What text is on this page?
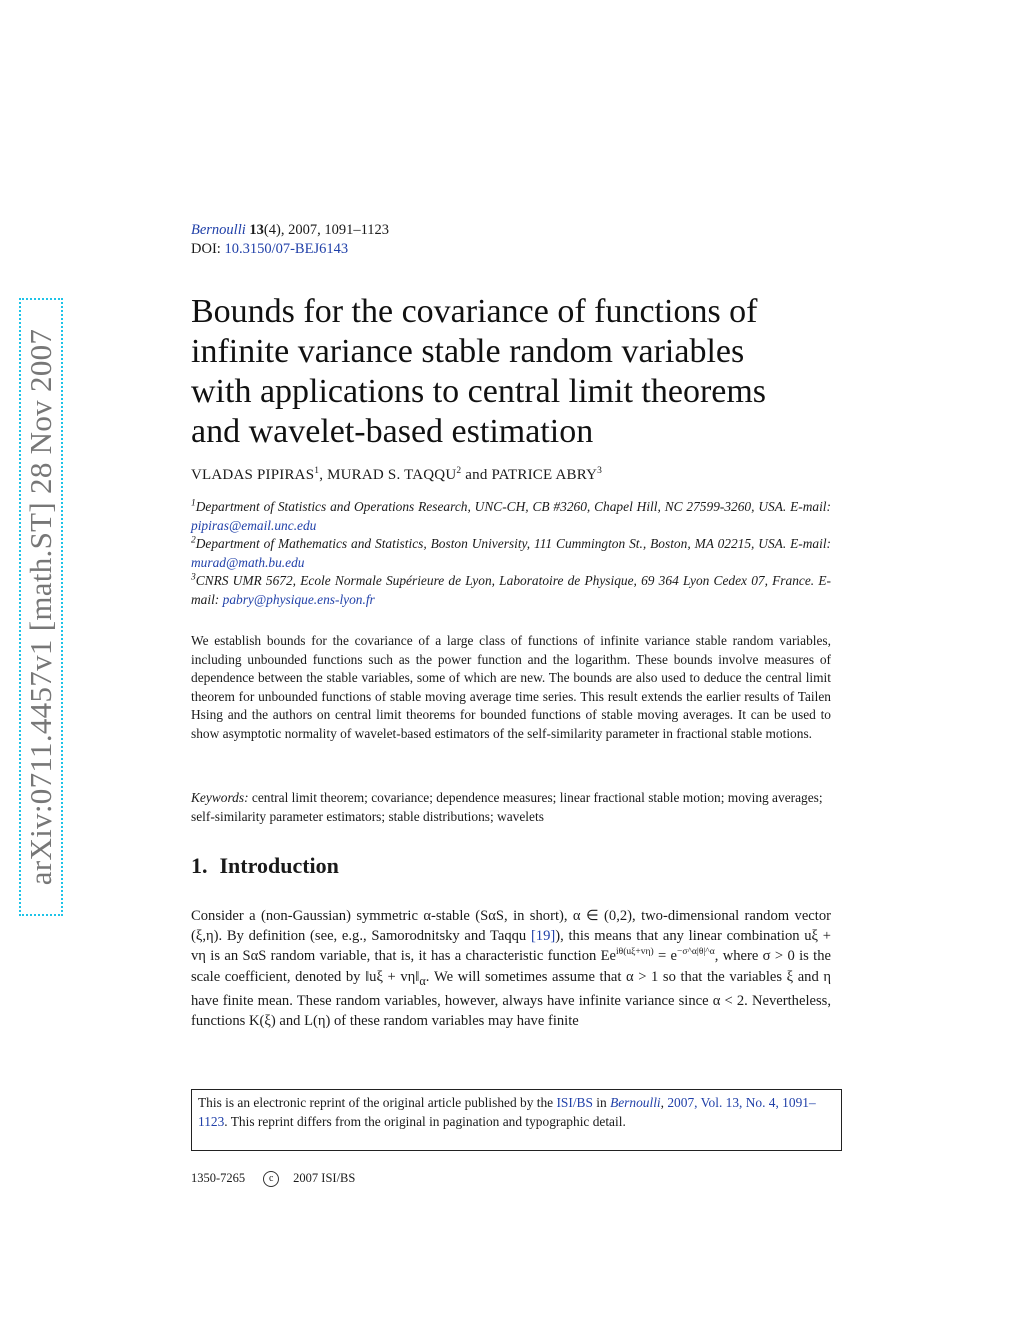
arXiv:0711.4457v1 [math.ST] 28 Nov 2007
Bernoulli 13(4), 2007, 1091–1123
DOI: 10.3150/07-BEJ6143
Bounds for the covariance of functions of
infinite variance stable random variables
with applications to central limit theorems
and wavelet-based estimation
VLADAS PIPIRAS$^1$, MURAD S. TAQQU$^2$ and PATRICE ABRY$^3$
$^1$Department of Statistics and Operations Research, UNC-CH, CB #3260, Chapel Hill, NC 27599-3260, USA. E-mail: pipiras@email.unc.edu
$^2$Department of Mathematics and Statistics, Boston University, 111 Cummington St., Boston, MA 02215, USA. E-mail: murad@math.bu.edu
$^3$CNRS UMR 5672, Ecole Normale Supérieure de Lyon, Laboratoire de Physique, 69 364 Lyon Cedex 07, France. E-mail: pabry@physique.ens-lyon.fr
We establish bounds for the covariance of a large class of functions of infinite variance stable random variables, including unbounded functions such as the power function and the logarithm. These bounds involve measures of dependence between the stable variables, some of which are new. The bounds are also used to deduce the central limit theorem for unbounded functions of stable moving average time series. This result extends the earlier results of Tailen Hsing and the authors on central limit theorems for bounded functions of stable moving averages. It can be used to show asymptotic normality of wavelet-based estimators of the self-similarity parameter in fractional stable motions.
Keywords: central limit theorem; covariance; dependence measures; linear fractional stable motion; moving averages; self-similarity parameter estimators; stable distributions; wavelets
1. Introduction
Consider a (non-Gaussian) symmetric α-stable (SαS, in short), α ∈ (0,2), two-dimensional random vector (ξ,η). By definition (see, e.g., Samorodnitsky and Taqqu [19]), this means that any linear combination uξ + vη is an SαS random variable, that is, it has a characteristic function $Ee^{i\theta(u\xi+v\eta)} = e^{-\sigma\^{}\alpha|\theta|\^{}\alpha}$, where σ > 0 is the scale coefficient, denoted by ‖uξ + $v\eta‖_\alpha$. We will sometimes assume that α > 1 so that the variables ξ and η have finite mean. These random variables, however, always have infinite variance since α < 2. Nevertheless, functions K(ξ) and L(η) of these random variables may have finite
This is an electronic reprint of the original article published by the ISI/BS in Bernoulli, 2007, Vol. 13, No. 4, 1091–1123. This reprint differs from the original in pagination and typographic detail.
1350-7265 c 2007 ISI/BS
